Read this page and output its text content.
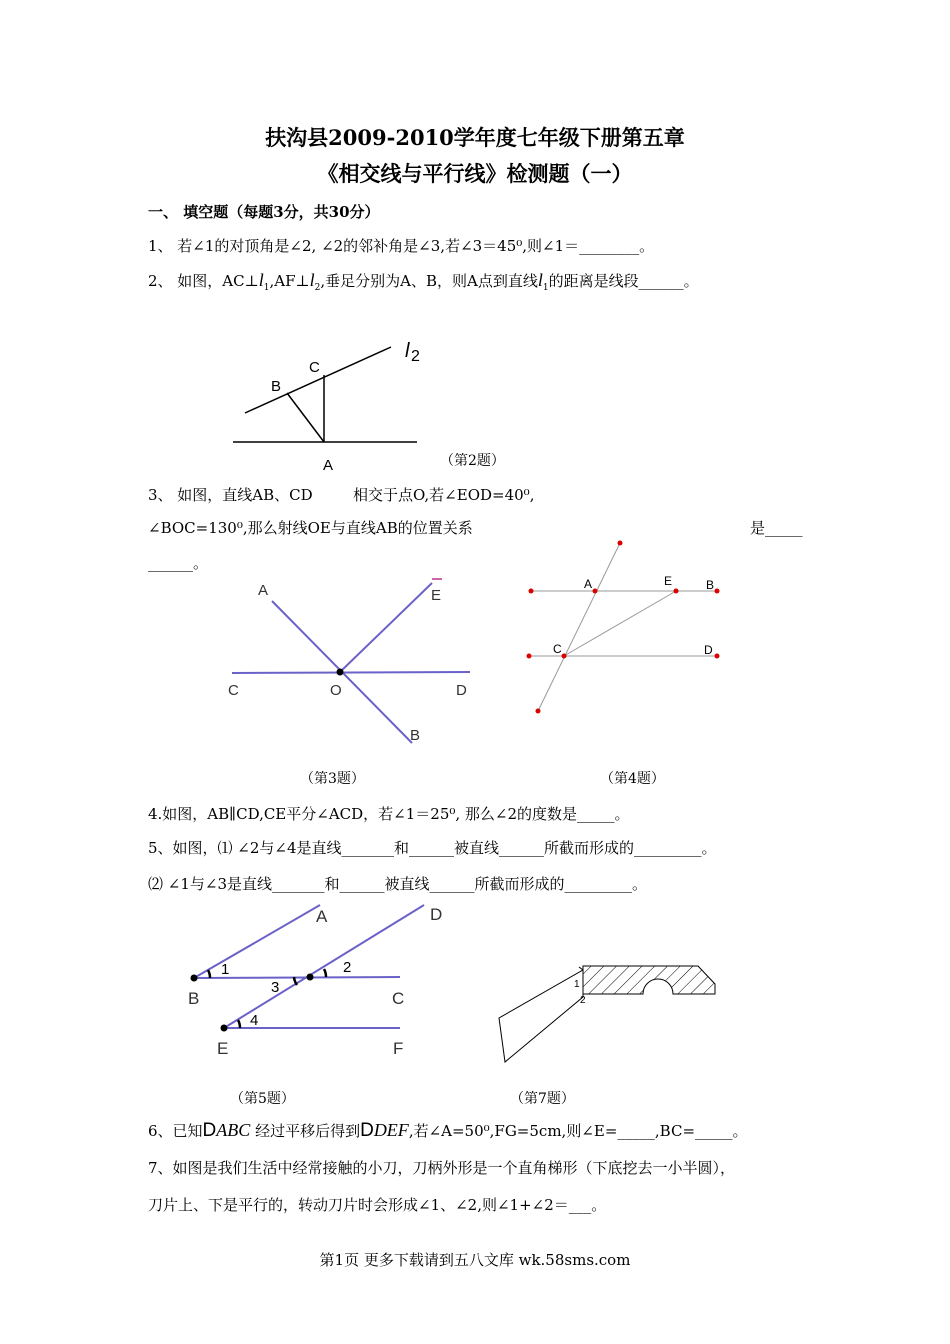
扶沟县2009-2010学年度七年级下册第五章
《相交线与平行线》检测题（一）
一、 填空题（每题3分，共30分）
1、 若∠1的对顶角是∠2, ∠2的邻补角是∠3,若∠3＝45⁰,则∠1＝________。
2、 如图，$AC\perp l_1,AF\perp l_2$,垂足分别为A、B，则A点到直线$l_1$的距离是线段______。
l 2
C
B
A	（第2题）
3、 如图，直线AB、CD	相交于点O,若∠EOD=40⁰,
∠BOC=130⁰,那么射线OE与直线AB的位置关系	是_____
______。
A	E
C	O	D
B
（第3题）
A	E	B
C	D
（第4题）
4.如图，AB∥CD,CE平分∠ACD，若∠1＝25⁰, 那么∠2的度数是_____。
5、如图，⑴ ∠2与∠4是直线_______和______被直线______所截而形成的_________。
⑵ ∠1与∠3是直线_______和______被直线______所截而形成的_________。
A	D
1	2
3
4
B	C
E	F
（第5题）
1
2
（第7题）
6、已知DABC 经过平移后得到DDEF,若∠A=50⁰,FG=5cm,则∠E=_____,BC=_____。
7、如图是我们生活中经常接触的小刀，刀柄外形是一个直角梯形（下底挖去一小半圆），
刀片上、下是平行的，转动刀片时会形成∠1、∠2,则∠1+∠2＝___。
第1页 更多下载请到五八文库 wk.58sms.com
